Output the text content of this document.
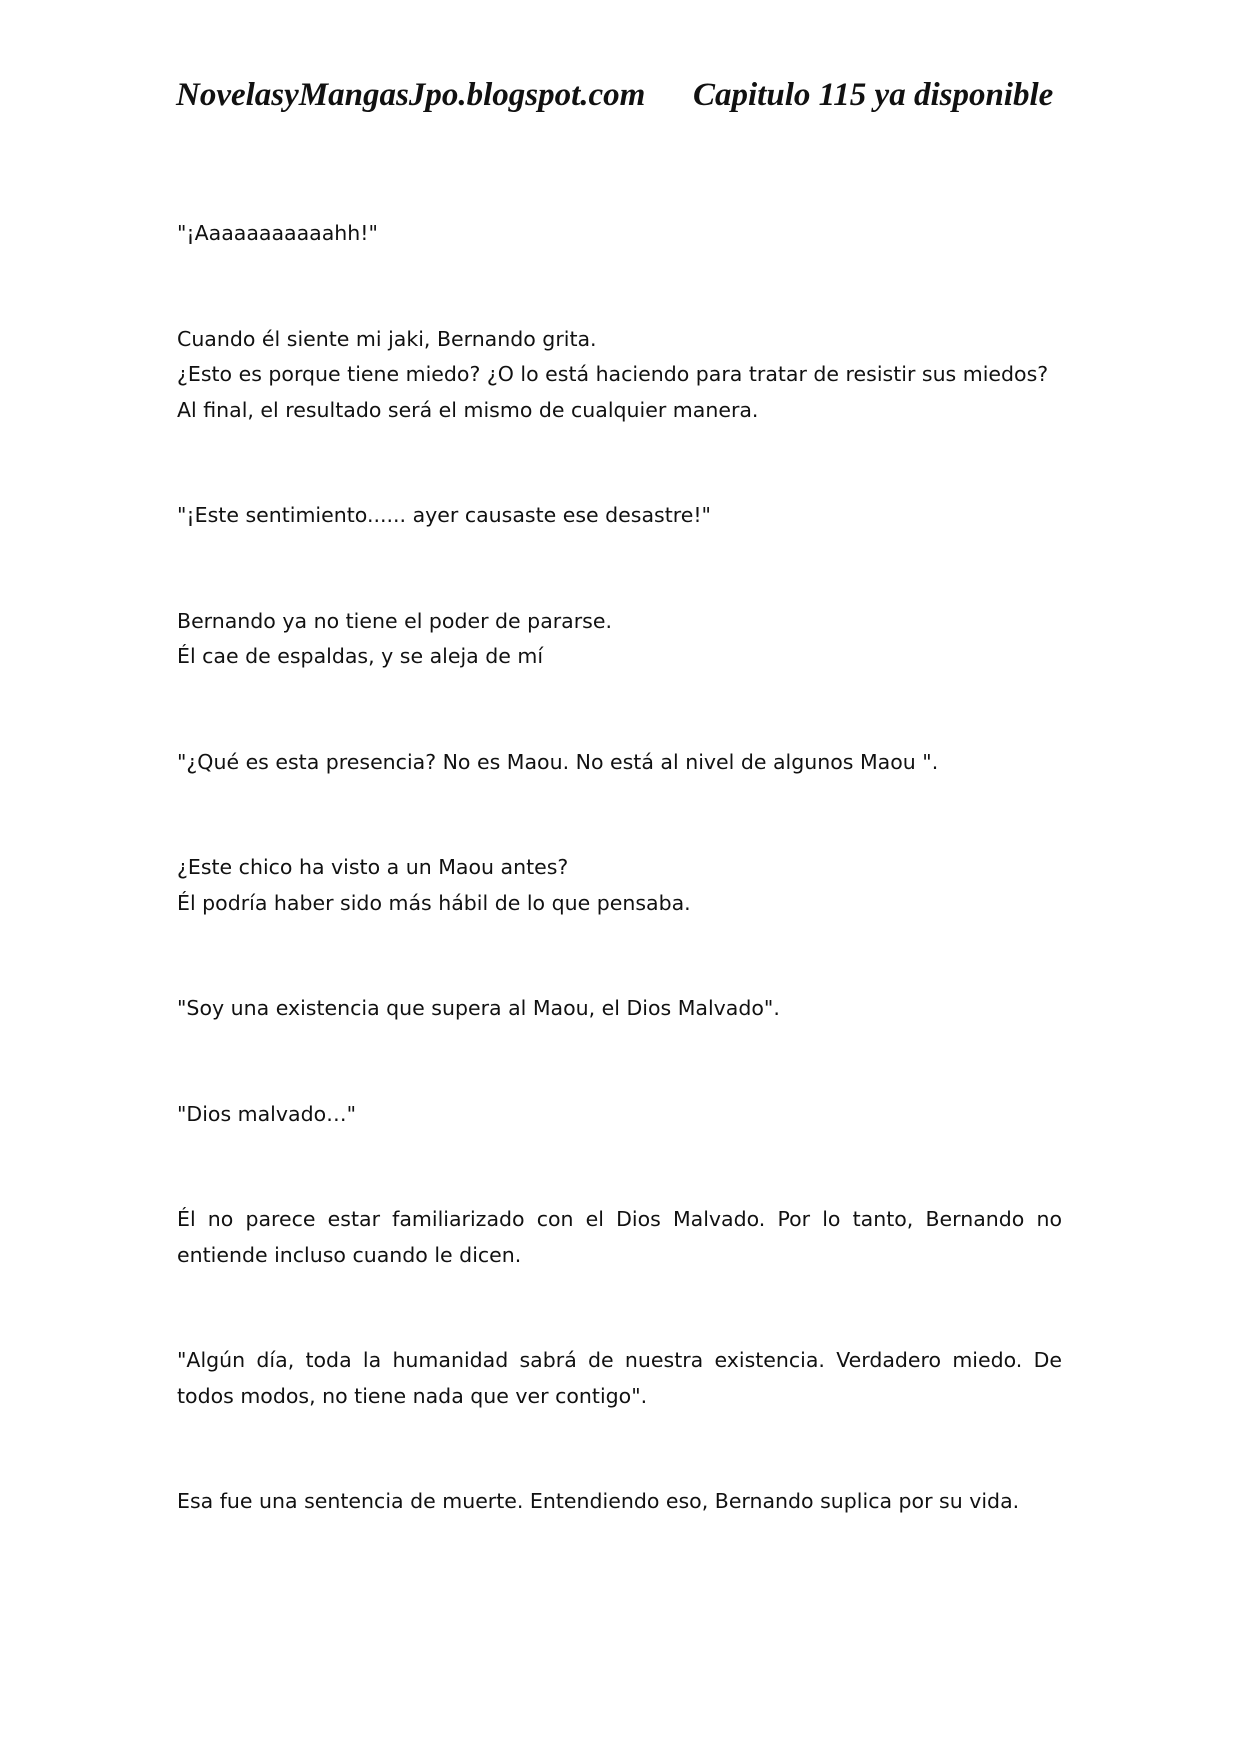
NovelasyMangasJpo.blogspot.com Capitulo 115 ya disponible

"¡Aaaaaaaaaaahh!"

Cuando él siente mi jaki, Bernando grita.
¿Esto es porque tiene miedo? ¿O lo está haciendo para tratar de resistir sus miedos?
Al final, el resultado será el mismo de cualquier manera.

"¡Este sentimiento...... ayer causaste ese desastre!"

Bernando ya no tiene el poder de pararse.
Él cae de espaldas, y se aleja de mí

"¿Qué es esta presencia? No es Maou. No está al nivel de algunos Maou ".

¿Este chico ha visto a un Maou antes?
Él podría haber sido más hábil de lo que pensaba.

"Soy una existencia que supera al Maou, el Dios Malvado".

"Dios malvado…"

Él no parece estar familiarizado con el Dios Malvado. Por lo tanto, Bernando no entiende incluso cuando le dicen.

"Algún día, toda la humanidad sabrá de nuestra existencia. Verdadero miedo. De todos modos, no tiene nada que ver contigo".

Esa fue una sentencia de muerte. Entendiendo eso, Bernando suplica por su vida.
